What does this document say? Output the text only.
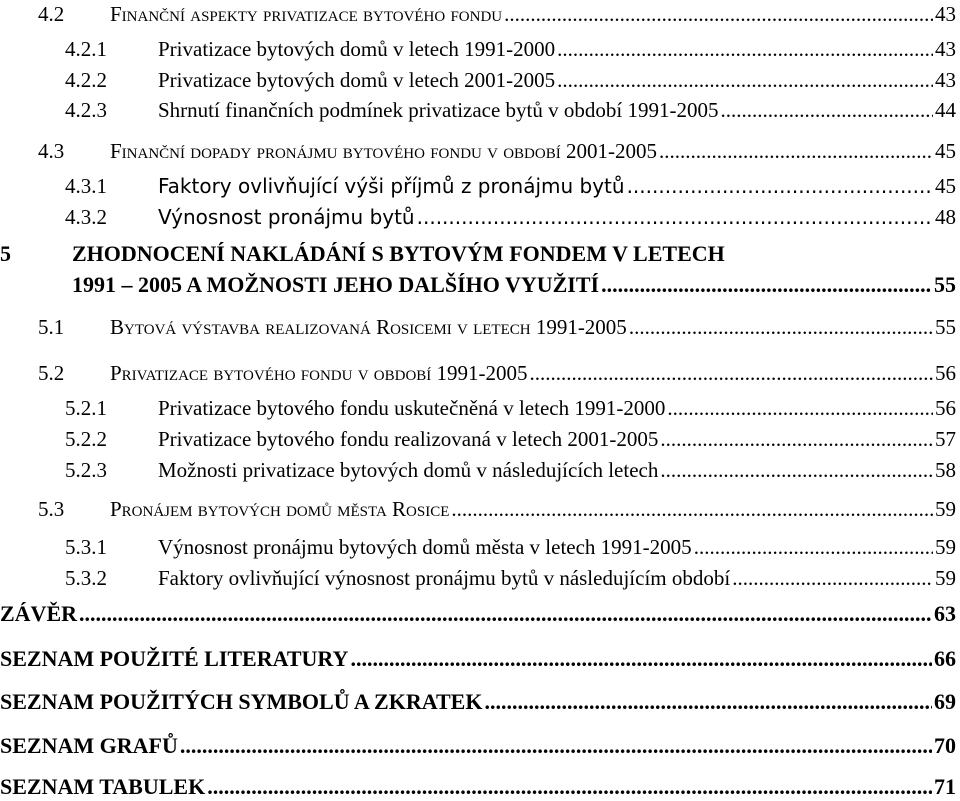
4.2	Finanční aspekty privatizace bytového fondu .....	43
4.2.1	Privatizace bytových domů v letech 1991-2000 .....	43
4.2.2	Privatizace bytových domů v letech 2001-2005 .....	43
4.2.3	Shrnutí finančních podmínek privatizace bytů v období 1991-2005 .....	44
4.3	Finanční dopady pronájmu bytového fondu v období 2001-2005 .....	45
4.3.1	Faktory ovlivňující výši příjmů z pronájmu bytů .....	45
4.3.2	Výnosnost pronájmu bytů .....	48
5	ZHODNOCENÍ NAKLÁDÁNÍ S BYTOVÝM FONDEM V LETECH
1991 – 2005 A MOŽNOSTI JEHO DALŠÍHO VYUŽITÍ .....	55
5.1	Bytová výstavba realizovaná Rosicemi v letech 1991-2005 .....	55
5.2	Privatizace bytového fondu v období 1991-2005 .....	56
5.2.1	Privatizace bytového fondu uskutečněná v letech 1991-2000 .....	56
5.2.2	Privatizace bytového fondu realizovaná v letech 2001-2005 .....	57
5.2.3	Možnosti privatizace bytových domů v následujících letech .....	58
5.3	Pronájem bytových domů města Rosice .....	59
5.3.1	Výnosnost pronájmu bytových domů města v letech 1991-2005 .....	59
5.3.2	Faktory ovlivňující výnosnost pronájmu bytů v následujícím období .....	59
ZÁVĚR .....	63
SEZNAM POUŽITÉ LITERATURY .....	66
SEZNAM POUŽITÝCH SYMBOLŮ A ZKRATEK .....	69
SEZNAM GRAFŮ .....	70
SEZNAM TABULEK .....	71
